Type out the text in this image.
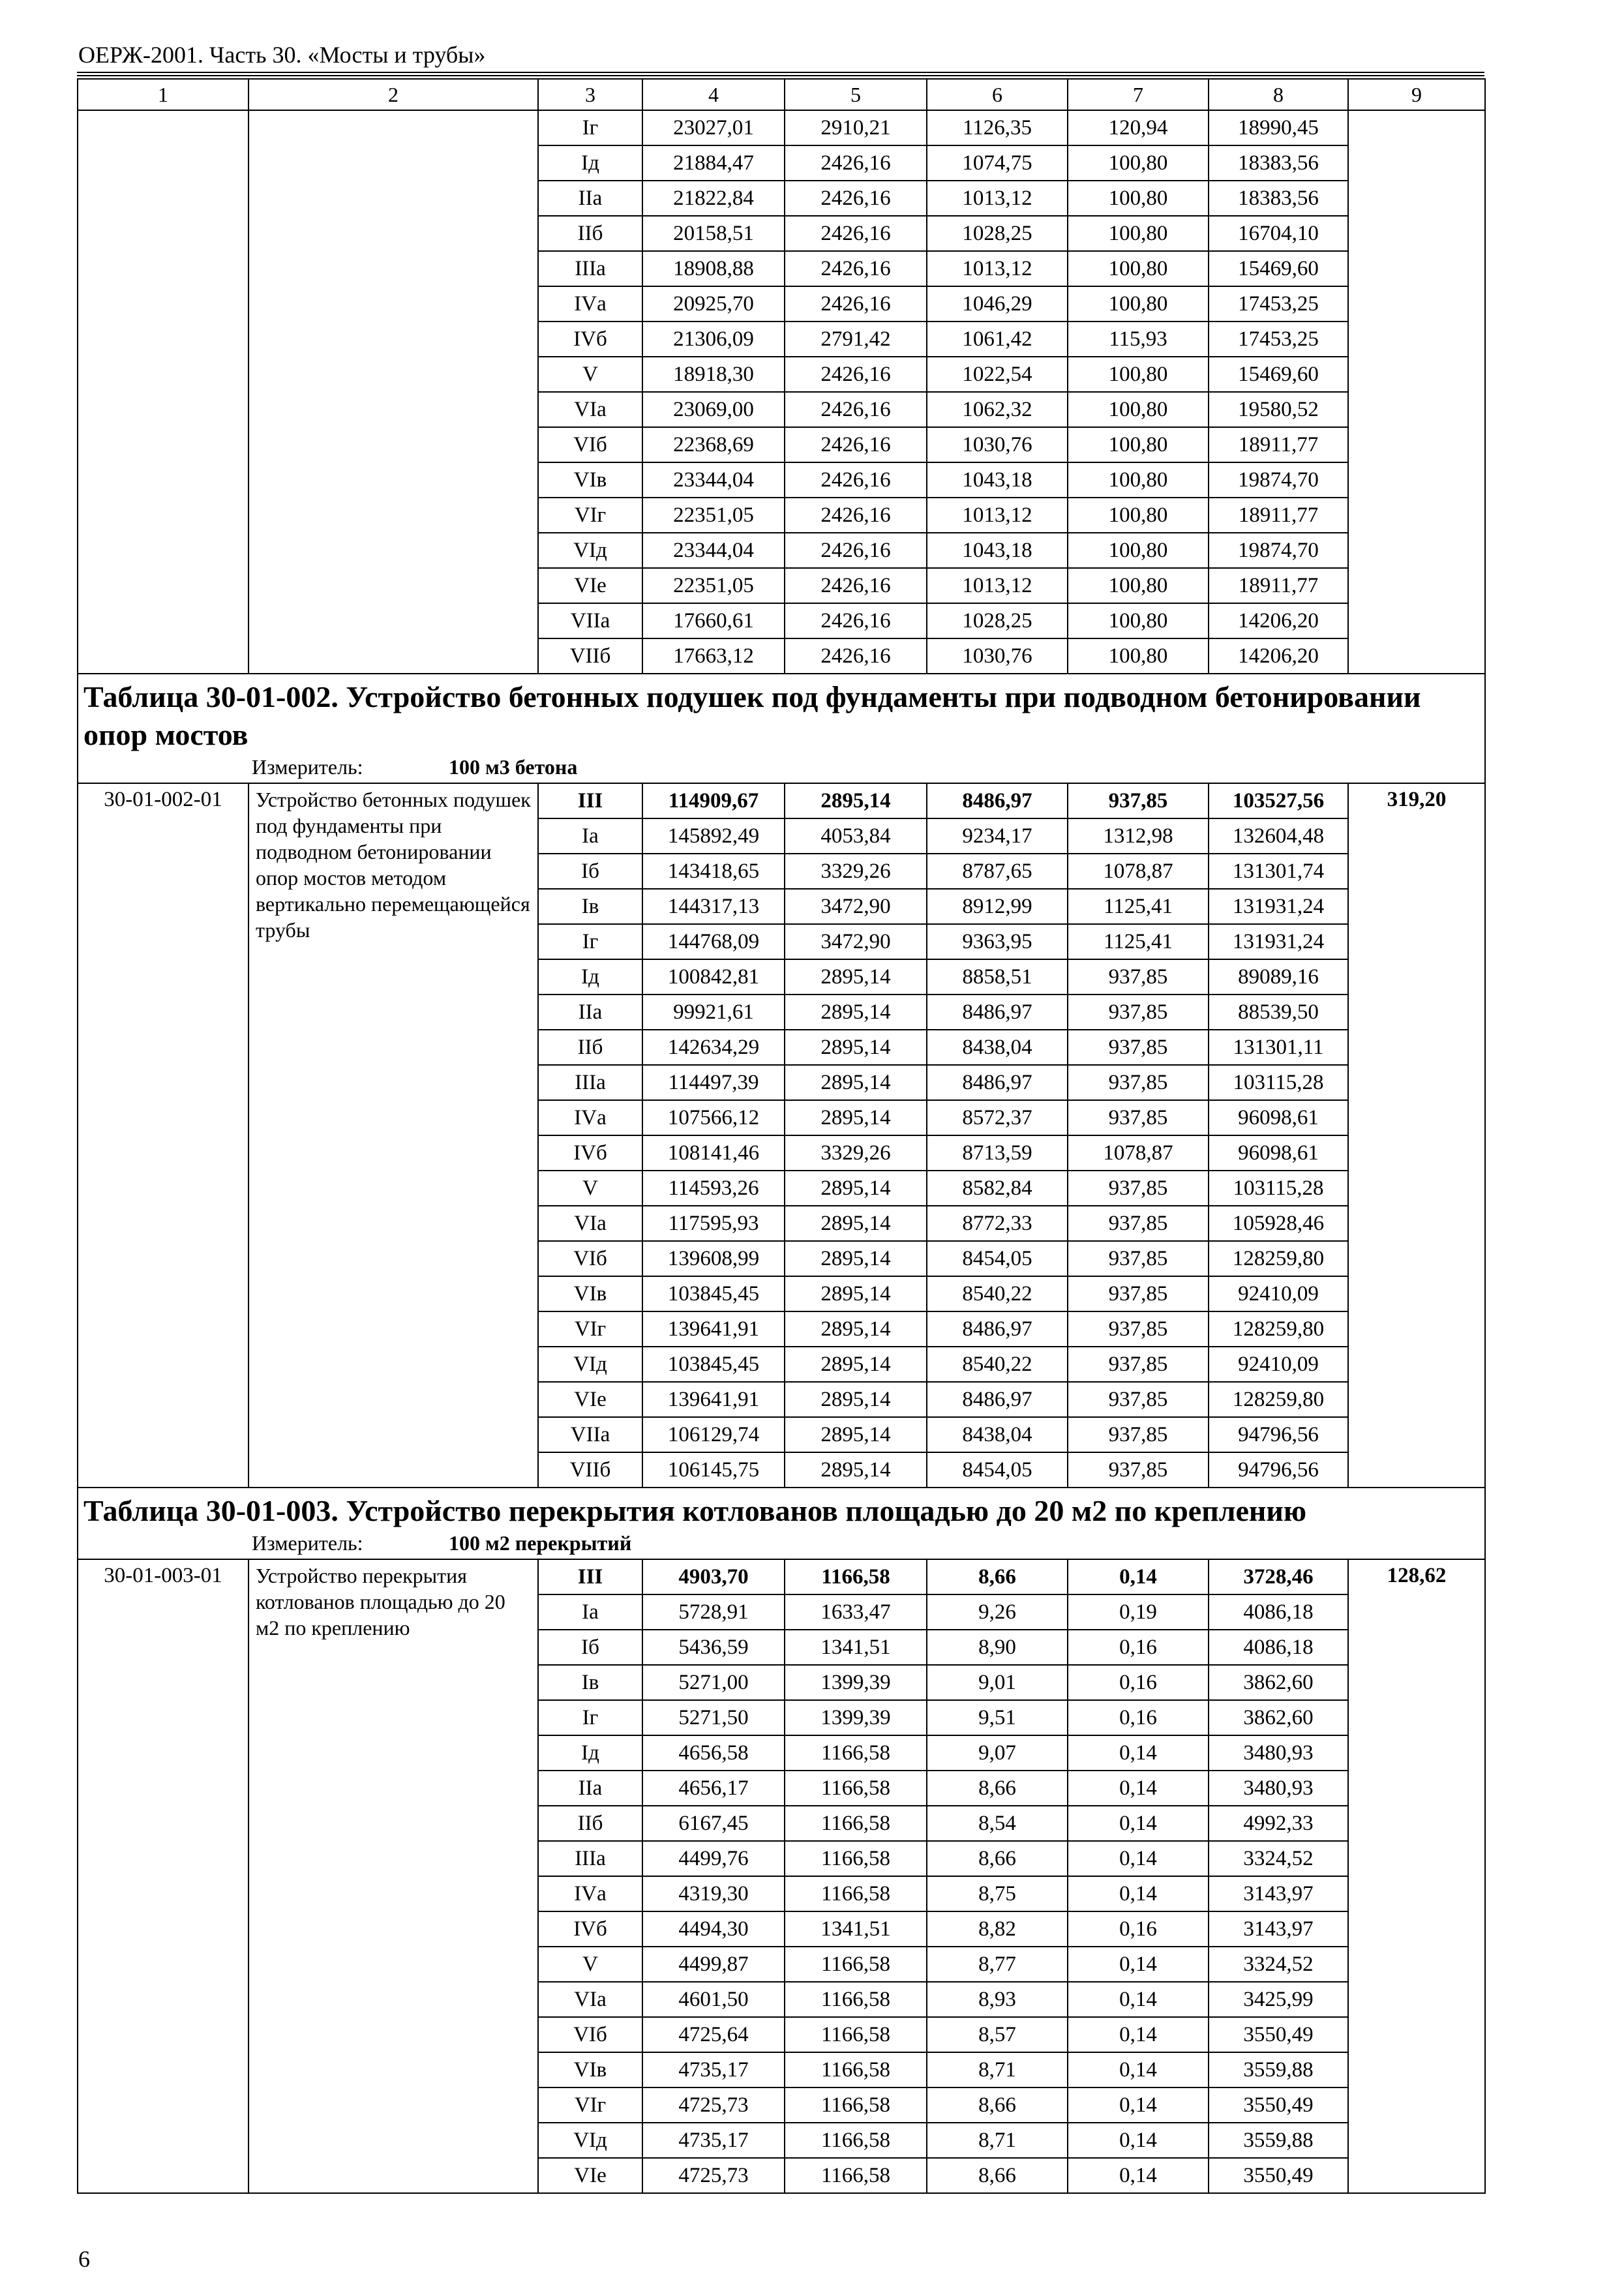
ОЕРЖ-2001. Часть 30. «Мосты и трубы»
1	2	3	4	5	6	7	8	9
		Iг	23027,01	2910,21	1126,35	120,94	18990,45	
		Iд	21884,47	2426,16	1074,75	100,80	18383,56	
		IIа	21822,84	2426,16	1013,12	100,80	18383,56	
		IIб	20158,51	2426,16	1028,25	100,80	16704,10	
		IIIа	18908,88	2426,16	1013,12	100,80	15469,60	
		IVа	20925,70	2426,16	1046,29	100,80	17453,25	
		IVб	21306,09	2791,42	1061,42	115,93	17453,25	
		V	18918,30	2426,16	1022,54	100,80	15469,60	
		VIа	23069,00	2426,16	1062,32	100,80	19580,52	
		VIб	22368,69	2426,16	1030,76	100,80	18911,77	
		VIв	23344,04	2426,16	1043,18	100,80	19874,70	
		VIг	22351,05	2426,16	1013,12	100,80	18911,77	
		VIд	23344,04	2426,16	1043,18	100,80	19874,70	
		VIе	22351,05	2426,16	1013,12	100,80	18911,77	
		VIIа	17660,61	2426,16	1028,25	100,80	14206,20	
		VIIб	17663,12	2426,16	1030,76	100,80	14206,20	

Таблица 30-01-002. Устройство бетонных подушек под фундаменты при подводном бетонировании опор мостов
Измеритель: 100 м3 бетона								

30-01-002-01	Устройство бетонных подушек под фундаменты при подводном бетонировании опор мостов методом вертикально перемещающейся трубы	III	114909,67	2895,14	8486,97	937,85	103527,56	319,20
		Iа	145892,49	4053,84	9234,17	1312,98	132604,48	
		Iб	143418,65	3329,26	8787,65	1078,87	131301,74	
		Iв	144317,13	3472,90	8912,99	1125,41	131931,24	
		Iг	144768,09	3472,90	9363,95	1125,41	131931,24	
		Iд	100842,81	2895,14	8858,51	937,85	89089,16	
		IIа	99921,61	2895,14	8486,97	937,85	88539,50	
		IIб	142634,29	2895,14	8438,04	937,85	131301,11	
		IIIа	114497,39	2895,14	8486,97	937,85	103115,28	
		IVа	107566,12	2895,14	8572,37	937,85	96098,61	
		IVб	108141,46	3329,26	8713,59	1078,87	96098,61	
		V	114593,26	2895,14	8582,84	937,85	103115,28	
		VIа	117595,93	2895,14	8772,33	937,85	105928,46	
		VIб	139608,99	2895,14	8454,05	937,85	128259,80	
		VIв	103845,45	2895,14	8540,22	937,85	92410,09	
		VIг	139641,91	2895,14	8486,97	937,85	128259,80	
		VIд	103845,45	2895,14	8540,22	937,85	92410,09	
		VIе	139641,91	2895,14	8486,97	937,85	128259,80	
		VIIа	106129,74	2895,14	8438,04	937,85	94796,56	
		VIIб	106145,75	2895,14	8454,05	937,85	94796,56	

Таблица 30-01-003. Устройство перекрытия котлованов площадью до 20 м2 по креплению
Измеритель: 100 м2 перекрытий								

30-01-003-01	Устройство перекрытия котлованов площадью до 20 м2 по креплению	III	4903,70	1166,58	8,66	0,14	3728,46	128,62
		Iа	5728,91	1633,47	9,26	0,19	4086,18	
		Iб	5436,59	1341,51	8,90	0,16	4086,18	
		Iв	5271,00	1399,39	9,01	0,16	3862,60	
		Iг	5271,50	1399,39	9,51	0,16	3862,60	
		Iд	4656,58	1166,58	9,07	0,14	3480,93	
		IIа	4656,17	1166,58	8,66	0,14	3480,93	
		IIб	6167,45	1166,58	8,54	0,14	4992,33	
		IIIа	4499,76	1166,58	8,66	0,14	3324,52	
		IVа	4319,30	1166,58	8,75	0,14	3143,97	
		IVб	4494,30	1341,51	8,82	0,16	3143,97	
		V	4499,87	1166,58	8,77	0,14	3324,52	
		VIа	4601,50	1166,58	8,93	0,14	3425,99	
		VIб	4725,64	1166,58	8,57	0,14	3550,49	
		VIв	4735,17	1166,58	8,71	0,14	3559,88	
		VIг	4725,73	1166,58	8,66	0,14	3550,49	
		VIд	4735,17	1166,58	8,71	0,14	3559,88	
		VIе	4725,73	1166,58	8,66	0,14	3550,49	
6
